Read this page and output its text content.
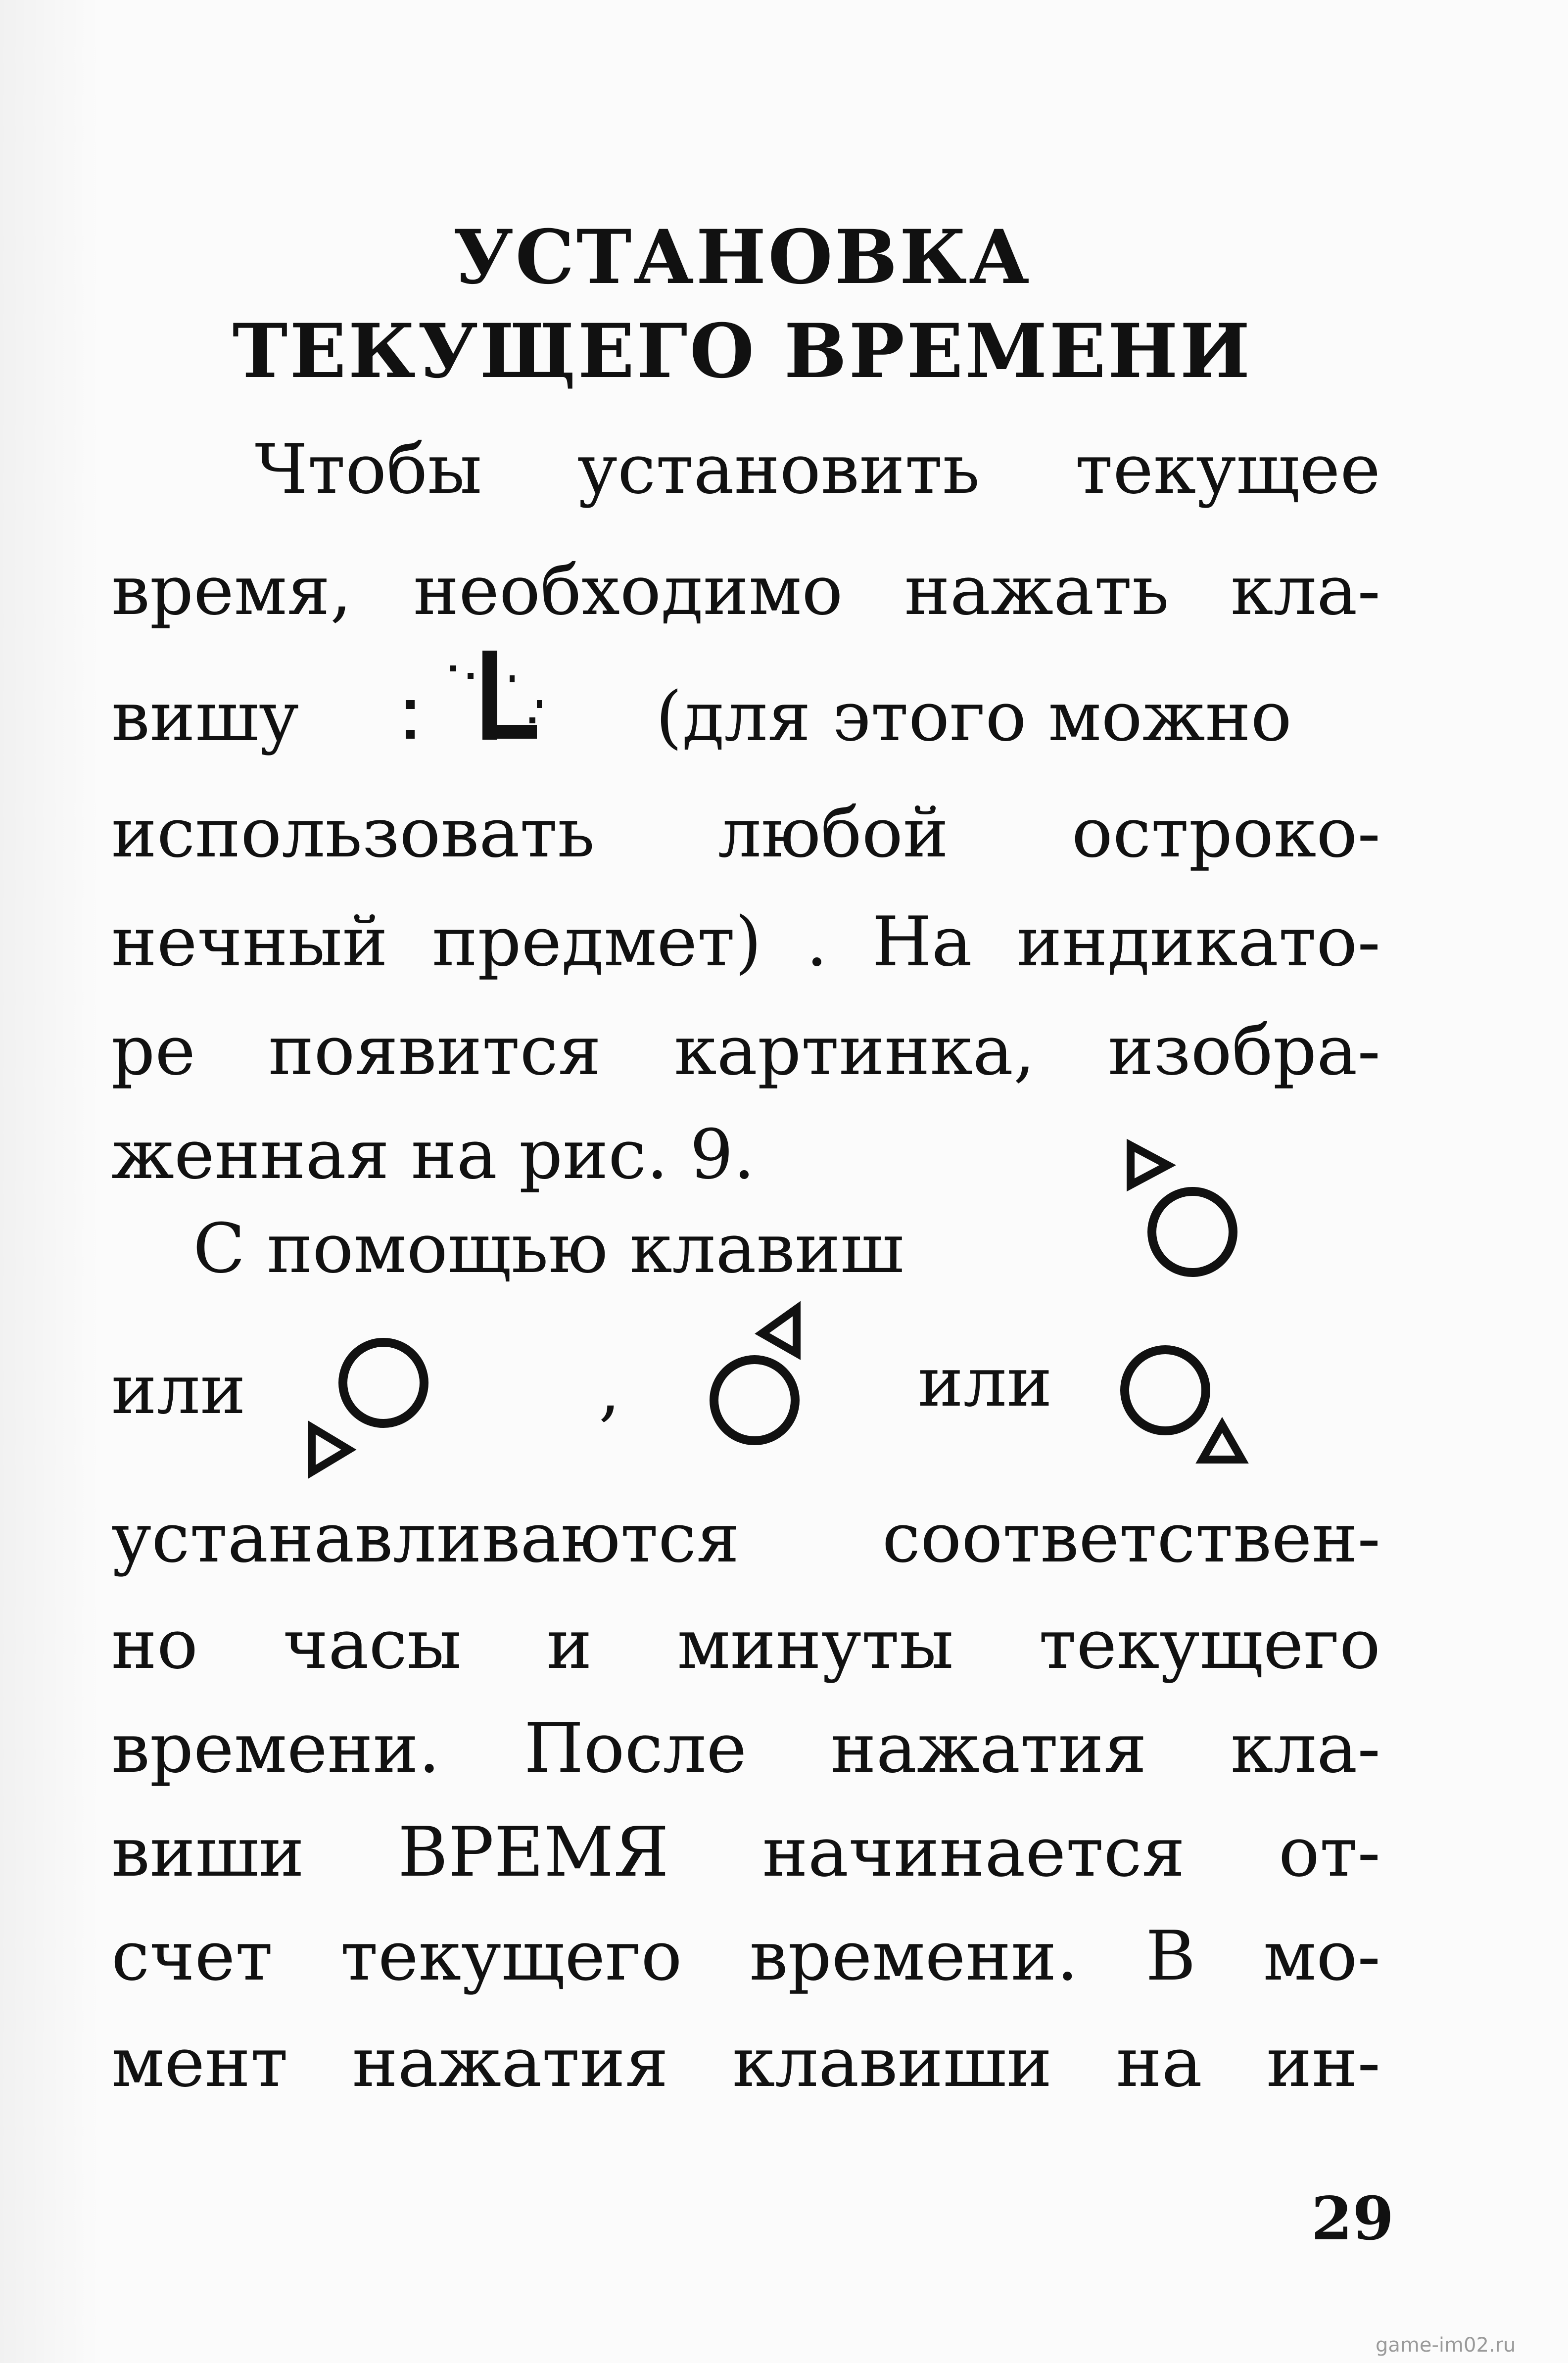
УСТАНОВКА
ТЕКУЩЕГО ВРЕМЕНИ
Чтобы установить текущее
время, необходимо нажать кла-
вишу	(для этого можно
использовать любой остроко-
нечный предмет) . На индикато-
ре появится картинка, изобра-
женная на рис. 9.
С помощью клавиш
или	,	или
устанавливаются соответствен-
но часы и минуты текущего
времени. После нажатия кла-
виши ВРЕМЯ начинается от-
счет текущего времени. В мо-
мент нажатия клавиши на ин-
29
game-im02.ru
